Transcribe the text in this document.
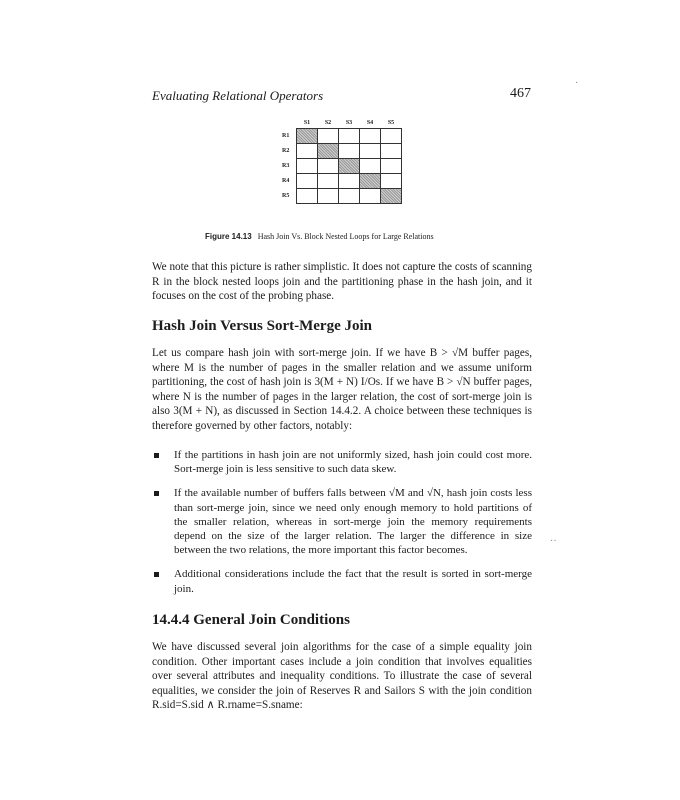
Evaluating Relational Operators	467
·
	S1	S2	S3	S4	S5
R1					
R2					
R3					
R4					
R5					
Figure 14.13 Hash Join Vs. Block Nested Loops for Large Relations
We note that this picture is rather simplistic. It does not capture the costs of scanning R in the block nested loops join and the partitioning phase in the hash join, and it focuses on the cost of the probing phase.
Hash Join Versus Sort-Merge Join
Let us compare hash join with sort-merge join. If we have B > √M buffer pages, where M is the number of pages in the smaller relation and we assume uniform partitioning, the cost of hash join is 3(M + N) I/Os. If we have B > √N buffer pages, where N is the number of pages in the larger relation, the cost of sort-merge join is also 3(M + N), as discussed in Section 14.4.2. A choice between these techniques is therefore governed by other factors, notably:
If the partitions in hash join are not uniformly sized, hash join could cost more. Sort-merge join is less sensitive to such data skew.
If the available number of buffers falls between √M and √N, hash join costs less than sort-merge join, since we need only enough memory to hold partitions of the smaller relation, whereas in sort-merge join the memory requirements depend on the size of the larger relation. The larger the difference in size between the two relations, the more important this factor becomes.
Additional considerations include the fact that the result is sorted in sort-merge join.
··
14.4.4 General Join Conditions
We have discussed several join algorithms for the case of a simple equality join condition. Other important cases include a join condition that involves equalities over several attributes and inequality conditions. To illustrate the case of several equalities, we consider the join of Reserves R and Sailors S with the join condition R.sid=S.sid ∧ R.rname=S.sname:
